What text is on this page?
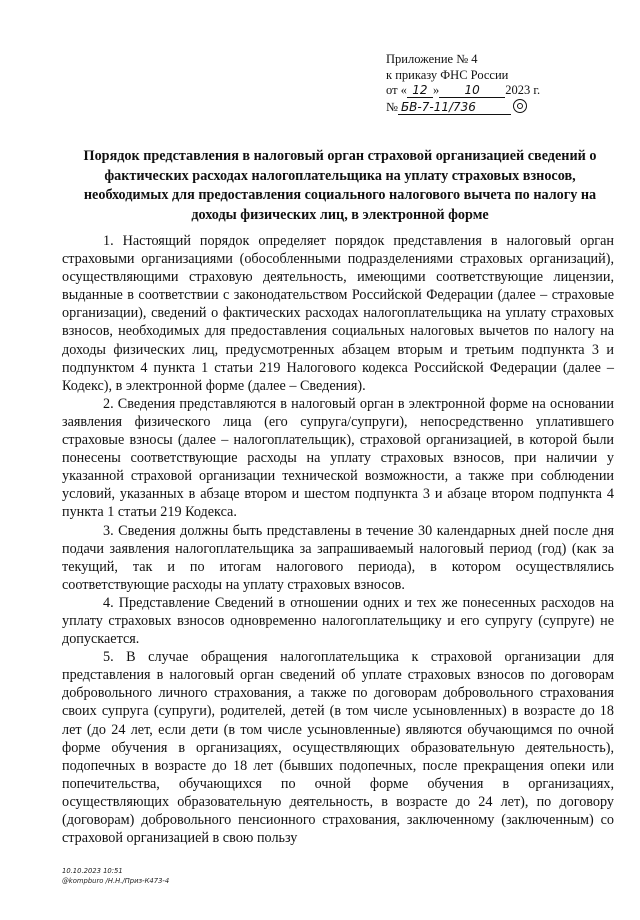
Приложение № 4
к приказу ФНС России
от « 12 » 10 2023 г.
№ БВ-7-11/736
Порядок представления в налоговый орган страховой организацией сведений о фактических расходах налогоплательщика на уплату страховых взносов, необходимых для предоставления социального налогового вычета по налогу на доходы физических лиц, в электронной форме

1. Настоящий порядок определяет порядок представления в налоговый орган страховыми организациями (обособленными подразделениями страховых организаций), осуществляющими страховую деятельность, имеющими соответствующие лицензии, выданные в соответствии с законодательством Российской Федерации (далее – страховые организации), сведений о фактических расходах налогоплательщика на уплату страховых взносов, необходимых для предоставления социальных налоговых вычетов по налогу на доходы физических лиц, предусмотренных абзацем вторым и третьим подпункта 3 и подпунктом 4 пункта 1 статьи 219 Налогового кодекса Российской Федерации (далее – Кодекс), в электронной форме (далее – Сведения).

2. Сведения представляются в налоговый орган в электронной форме на основании заявления физического лица (его супруга/супруги), непосредственно уплатившего страховые взносы (далее – налогоплательщик), страховой организацией, в которой были понесены соответствующие расходы на уплату страховых взносов, при наличии у указанной страховой организации технической возможности, а также при соблюдении условий, указанных в абзаце втором и шестом подпункта 3 и абзаце втором подпункта 4 пункта 1 статьи 219 Кодекса.

3. Сведения должны быть представлены в течение 30 календарных дней после дня подачи заявления налогоплательщика за запрашиваемый налоговый период (год) (как за текущий, так и по итогам налогового периода), в котором осуществлялись соответствующие расходы на уплату страховых взносов.

4. Представление Сведений в отношении одних и тех же понесенных расходов на уплату страховых взносов одновременно налогоплательщику и его супругу (супруге) не допускается.

5. В случае обращения налогоплательщика к страховой организации для представления в налоговый орган сведений об уплате страховых взносов по договорам добровольного личного страхования, а также по договорам добровольного страхования своих супруга (супруги), родителей, детей (в том числе усыновленных) в возрасте до 18 лет (до 24 лет, если дети (в том числе усыновленные) являются обучающимся по очной форме обучения в организациях, осуществляющих образовательную деятельность), подопечных в возрасте до 18 лет (бывших подопечных, после прекращения опеки или попечительства, обучающихся по очной форме обучения в организациях, осуществляющих образовательную деятельность, в возрасте до 24 лет), по договору (договорам) добровольного пенсионного страхования, заключенному (заключенным) со страховой организацией в свою пользу

10.10.2023 10:51
@kompburo /Н.Н./Приз-К473-4
